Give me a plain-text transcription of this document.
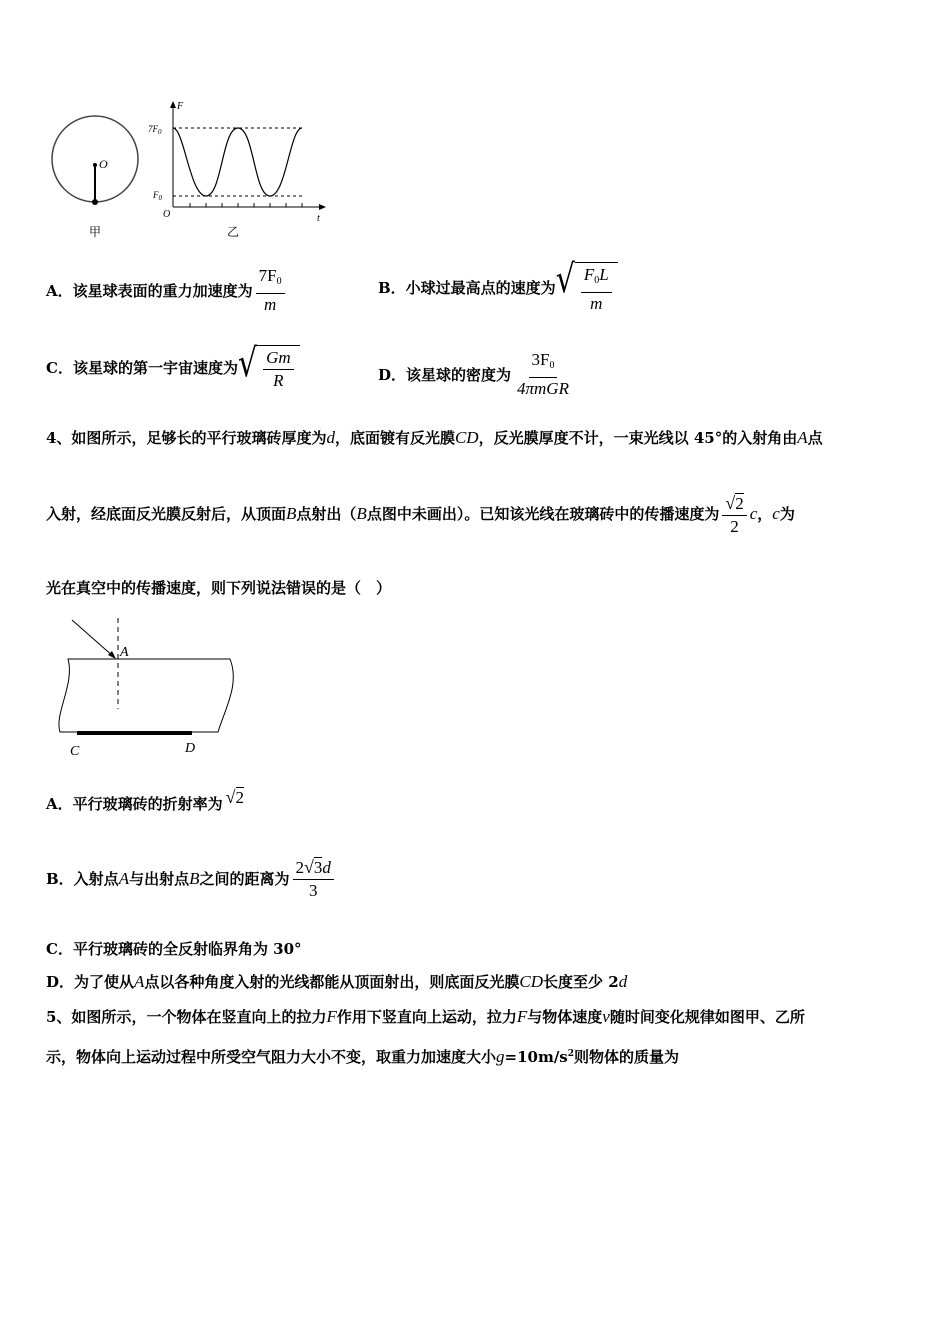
O
甲
F
t
O
$7F_0$
$F_0$
乙
A．该星球表面的重力加速度为 $\frac{7F_0}{m}$	B．小球过最高点的速度为 √ $\frac{F_0L}{m}$
C．该星球的第一宇宙速度为 √ $\frac{Gm}{R}$	D．该星球的密度为 $\frac{3F_0}{\text{4πmGR}}$
4、如图所示，足够长的平行玻璃砖厚度为d，底面镀有反光膜CD，反光膜厚度不计，一束光线以 45°的入射角由A点
入射，经底面反光膜反射后，从顶面 B 点射出（ B 点图中未画出）。已知该光线在玻璃砖中的传播速度为 $\frac{√ 2}{2}$ c ， c 为
光在真空中的传播速度，则下列说法错误的是（　）
A
C	D
A．平行玻璃砖的折射率为 √ 2
B．入射点 A 与出射点 B 之间的距离为 $\frac{2√3d}{3}$
C．平行玻璃砖的全反射临界角为 30°
D．为了使从A点以各种角度入射的光线都能从顶面射出，则底面反光膜CD长度至少 2d
5、如图所示，一个物体在竖直向上的拉力F作用下竖直向上运动，拉力F与物体速度v随时间变化规律如图甲、乙所
示，物体向上运动过程中所受空气阻力大小不变，取重力加速度大小$g=10m/s^2$则物体的质量为
